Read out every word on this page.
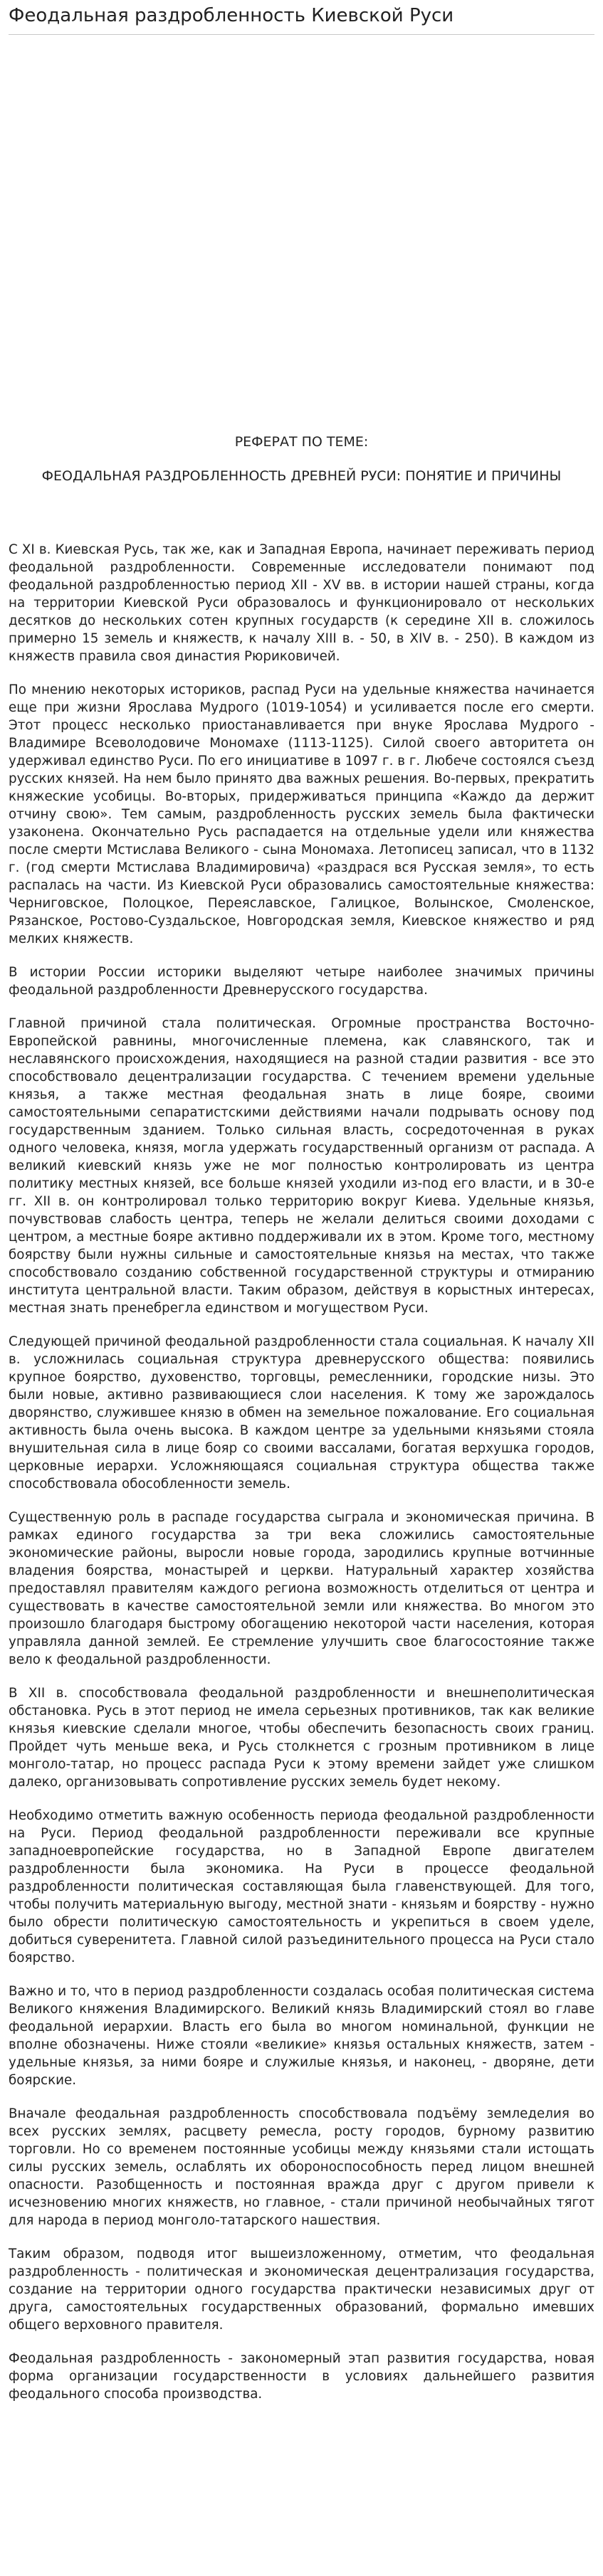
Феодальная раздробленность Киевской Руси

РЕФЕРАТ ПО ТЕМЕ:

ФЕОДАЛЬНАЯ РАЗДРОБЛЕННОСТЬ ДРЕВНЕЙ РУСИ: ПОНЯТИЕ И ПРИЧИНЫ

С XI в. Киевская Русь, так же, как и Западная Европа, начинает переживать период феодальной раздробленности. Современные исследователи понимают под феодальной раздробленностью период XII - XV вв. в истории нашей страны, когда на территории Киевской Руси образовалось и функционировало от нескольких десятков до нескольких сотен крупных государств (к середине XII в. сложилось примерно 15 земель и княжеств, к началу XIII в. - 50, в XIV в. - 250). В каждом из княжеств правила своя династия Рюриковичей.

По мнению некоторых историков, распад Руси на удельные княжества начинается еще при жизни Ярослава Мудрого (1019-1054) и усиливается после его смерти. Этот процесс несколько приостанавливается при внуке Ярослава Мудрого - Владимире Всеволодовиче Мономахе (1113-1125). Силой своего авторитета он удерживал единство Руси. По его инициативе в 1097 г. в г. Любече состоялся съезд русских князей. На нем было принято два важных решения. Во-первых, прекратить княжеские усобицы. Во-вторых, придерживаться принципа «Каждо да держит отчину свою». Тем самым, раздробленность русских земель была фактически узаконена. Окончательно Русь распадается на отдельные удели или княжества после смерти Мстислава Великого - сына Мономаха. Летописец записал, что в 1132 г. (год смерти Мстислава Владимировича) «раздрася вся Русская земля», то есть распалась на части. Из Киевской Руси образовались самостоятельные княжества: Черниговское, Полоцкое, Переяславское, Галицкое, Волынское, Смоленское, Рязанское, Ростово-Суздальское, Новгородская земля, Киевское княжество и ряд мелких княжеств.

В истории России историки выделяют четыре наиболее значимых причины феодальной раздробленности Древнерусского государства.

Главной причиной стала политическая. Огромные пространства Восточно-Европейской равнины, многочисленные племена, как славянского, так и неславянского происхождения, находящиеся на разной стадии развития - все это способствовало децентрализации государства. С течением времени удельные князья, а также местная феодальная знать в лице бояре, своими самостоятельными сепаратистскими действиями начали подрывать основу под государственным зданием. Только сильная власть, сосредоточенная в руках одного человека, князя, могла удержать государственный организм от распада. А великий киевский князь уже не мог полностью контролировать из центра политику местных князей, все больше князей уходили из-под его власти, и в 30-е гг. XII в. он контролировал только территорию вокруг Киева. Удельные князья, почувствовав слабость центра, теперь не желали делиться своими доходами с центром, а местные бояре активно поддерживали их в этом. Кроме того, местному боярству были нужны сильные и самостоятельные князья на местах, что также способствовало созданию собственной государственной структуры и отмиранию института центральной власти. Таким образом, действуя в корыстных интересах, местная знать пренебрегла единством и могуществом Руси.

Следующей причиной феодальной раздробленности стала социальная. К началу XII в. усложнилась социальная структура древнерусского общества: появились крупное боярство, духовенство, торговцы, ремесленники, городские низы. Это были новые, активно развивающиеся слои населения. К тому же зарождалось дворянство, служившее князю в обмен на земельное пожалование. Его социальная активность была очень высока. В каждом центре за удельными князьями стояла внушительная сила в лице бояр со своими вассалами, богатая верхушка городов, церковные иерархи. Усложняющаяся социальная структура общества также способствовала обособленности земель.

Существенную роль в распаде государства сыграла и экономическая причина. В рамках единого государства за три века сложились самостоятельные экономические районы, выросли новые города, зародились крупные вотчинные владения боярства, монастырей и церкви. Натуральный характер хозяйства предоставлял правителям каждого региона возможность отделиться от центра и существовать в качестве самостоятельной земли или княжества. Во многом это произошло благодаря быстрому обогащению некоторой части населения, которая управляла данной землей. Ее стремление улучшить свое благосостояние также вело к феодальной раздробленности.

В XII в. способствовала феодальной раздробленности и внешнеполитическая обстановка. Русь в этот период не имела серьезных противников, так как великие князья киевские сделали многое, чтобы обеспечить безопасность своих границ. Пройдет чуть меньше века, и Русь столкнется с грозным противником в лице монголо-татар, но процесс распада Руси к этому времени зайдет уже слишком далеко, организовывать сопротивление русских земель будет некому.

Необходимо отметить важную особенность периода феодальной раздробленности на Руси. Период феодальной раздробленности переживали все крупные западноевропейские государства, но в Западной Европе двигателем раздробленности была экономика. На Руси в процессе феодальной раздробленности политическая составляющая была главенствующей. Для того, чтобы получить материальную выгоду, местной знати - князьям и боярству - нужно было обрести политическую самостоятельность и укрепиться в своем уделе, добиться суверенитета. Главной силой разъединительного процесса на Руси стало боярство.

Важно и то, что в период раздробленности создалась особая политическая система Великого княжения Владимирского. Великий князь Владимирский стоял во главе феодальной иерархии. Власть его была во многом номинальной, функции не вполне обозначены. Ниже стояли «великие» князья остальных княжеств, затем - удельные князья, за ними бояре и служилые князья, и наконец, - дворяне, дети боярские.

Вначале феодальная раздробленность способствовала подъёму земледелия во всех русских землях, расцвету ремесла, росту городов, бурному развитию торговли. Но со временем постоянные усобицы между князьями стали истощать силы русских земель, ослаблять их обороноспособность перед лицом внешней опасности. Разобщенность и постоянная вражда друг с другом привели к исчезновению многих княжеств, но главное, - стали причиной необычайных тягот для народа в период монголо-татарского нашествия.

Таким образом, подводя итог вышеизложенному, отметим, что феодальная раздробленность - политическая и экономическая децентрализация государства, создание на территории одного государства практически независимых друг от друга, самостоятельных государственных образований, формально имевших общего верховного правителя.

Феодальная раздробленность - закономерный этап развития государства, новая форма организации государственности в условиях дальнейшего развития феодального способа производства.
